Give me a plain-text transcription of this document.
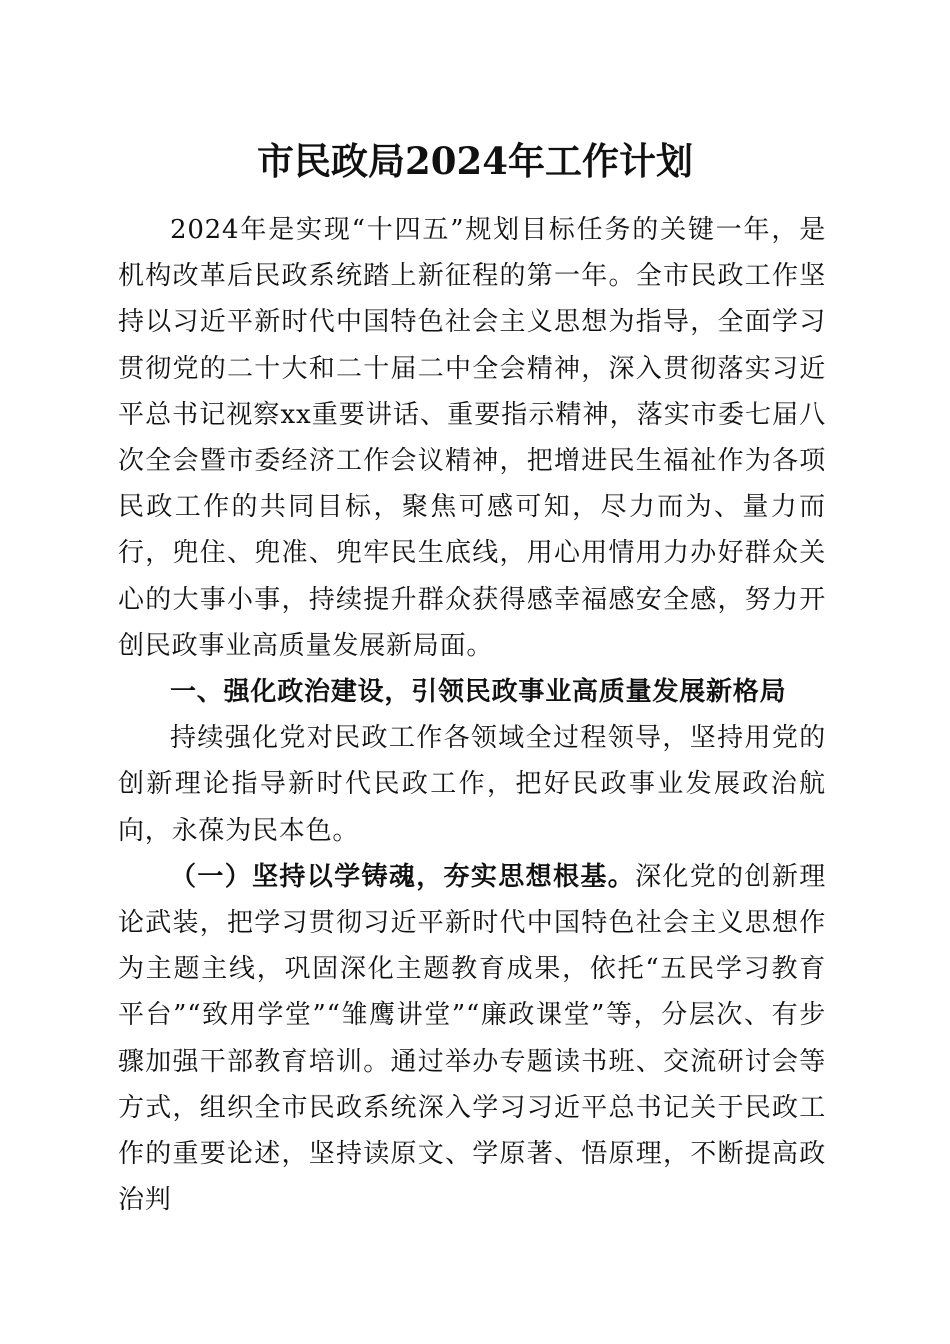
市民政局2024年工作计划

2024年是实现“十四五”规划目标任务的关键一年，是机构改革后民政系统踏上新征程的第一年。全市民政工作坚持以习近平新时代中国特色社会主义思想为指导，全面学习贯彻党的二十大和二十届二中全会精神，深入贯彻落实习近平总书记视察xx重要讲话、重要指示精神，落实市委七届八次全会暨市委经济工作会议精神，把增进民生福祉作为各项民政工作的共同目标，聚焦可感可知，尽力而为、量力而行，兜住、兜准、兜牢民生底线，用心用情用力办好群众关心的大事小事，持续提升群众获得感幸福感安全感，努力开创民政事业高质量发展新局面。

一、强化政治建设，引领民政事业高质量发展新格局

持续强化党对民政工作各领域全过程领导，坚持用党的创新理论指导新时代民政工作，把好民政事业发展政治航向，永葆为民本色。

（一）坚持以学铸魂，夯实思想根基。深化党的创新理论武装，把学习贯彻习近平新时代中国特色社会主义思想作为主题主线，巩固深化主题教育成果，依托“五民学习教育平台”“致用学堂”“雏鹰讲堂”“廉政课堂”等，分层次、有步骤加强干部教育培训。通过举办专题读书班、交流研讨会等方式，组织全市民政系统深入学习习近平总书记关于民政工作的重要论述，坚持读原文、学原著、悟原理，不断提高政治判
